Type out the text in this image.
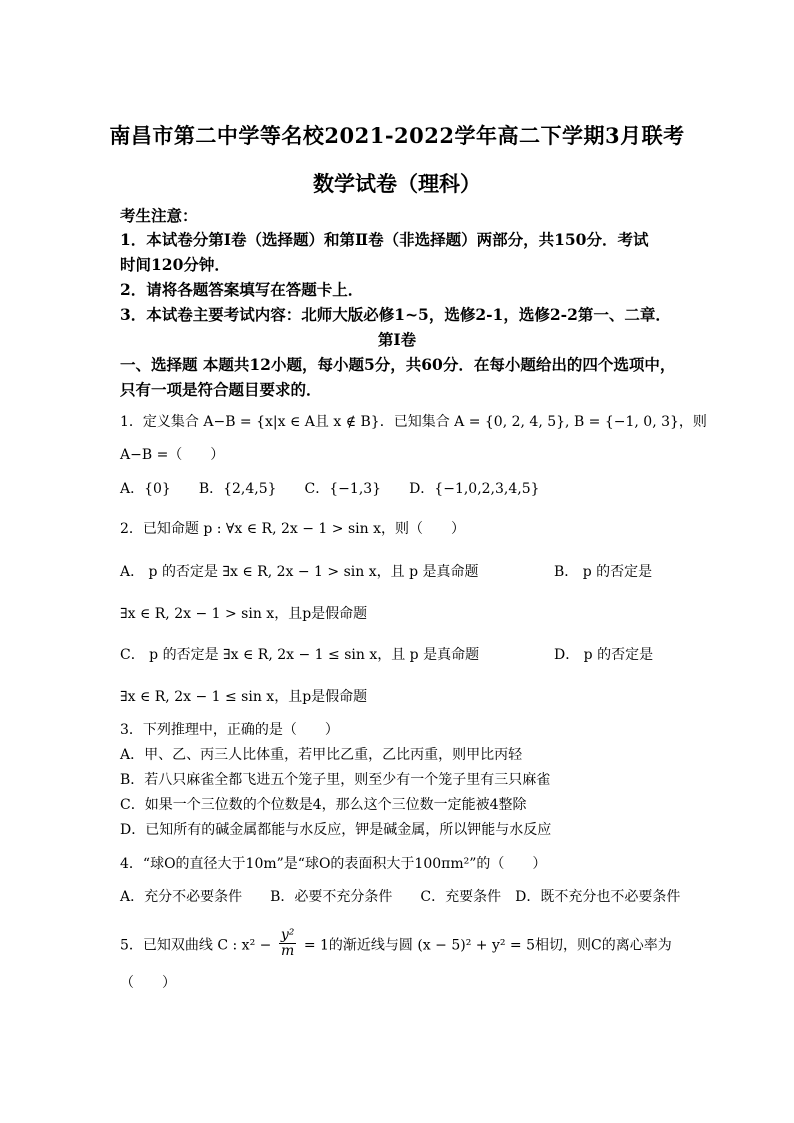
南昌市第二中学等名校2021-2022学年高二下学期3月联考
数学试卷（理科）
考生注意：
1．本试卷分第Ⅰ卷（选择题）和第Ⅱ卷（非选择题）两部分，共150分．考试
时间120分钟．
2．请将各题答案填写在答题卡上．
3．本试卷主要考试内容：北师大版必修1~5，选修2-1，选修2-2第一、二章．
第Ⅰ卷
一、选择题 本题共12小题，每小题5分，共60分．在每小题给出的四个选项中，
只有一项是符合题目要求的．
1．定义集合 A−B = {x|x ∈ A且 x ∉ B}．已知集合 A = {0, 2, 4, 5}, B = {−1, 0, 3}，则
A−B =（　　）
A．{0}　　B．{2,4,5}　　C．{−1,3}　　D．{−1,0,2,3,4,5}
2．已知命题 p : ∀x ∈ R, 2x − 1 > sin x，则（　　）
A． p 的否定是 ∃x ∈ R, 2x − 1 > sin x，且 p 是真命题	B． p 的否定是
∃x ∈ R, 2x − 1 > sin x，且p是假命题
C． p 的否定是 ∃x ∈ R, 2x − 1 ≤ sin x，且 p 是真命题	D． p 的否定是
∃x ∈ R, 2x − 1 ≤ sin x，且p是假命题
3．下列推理中，正确的是（　　）
A．甲、乙、丙三人比体重，若甲比乙重，乙比丙重，则甲比丙轻
B．若八只麻雀全都飞进五个笼子里，则至少有一个笼子里有三只麻雀
C．如果一个三位数的个位数是4，那么这个三位数一定能被4整除
D．已知所有的碱金属都能与水反应，钾是碱金属，所以钾能与水反应
4．“球O的直径大于10m”是“球O的表面积大于100πm²”的（　　）
A．充分不必要条件　　B．必要不充分条件　　C．充要条件　D．既不充分也不必要条件
5．已知双曲线 C : $x^2 - \frac{\text{y²}}{m} = 1$的渐近线与圆 (x − 5)² + y² = 5相切，则C的离心率为
（　　）
